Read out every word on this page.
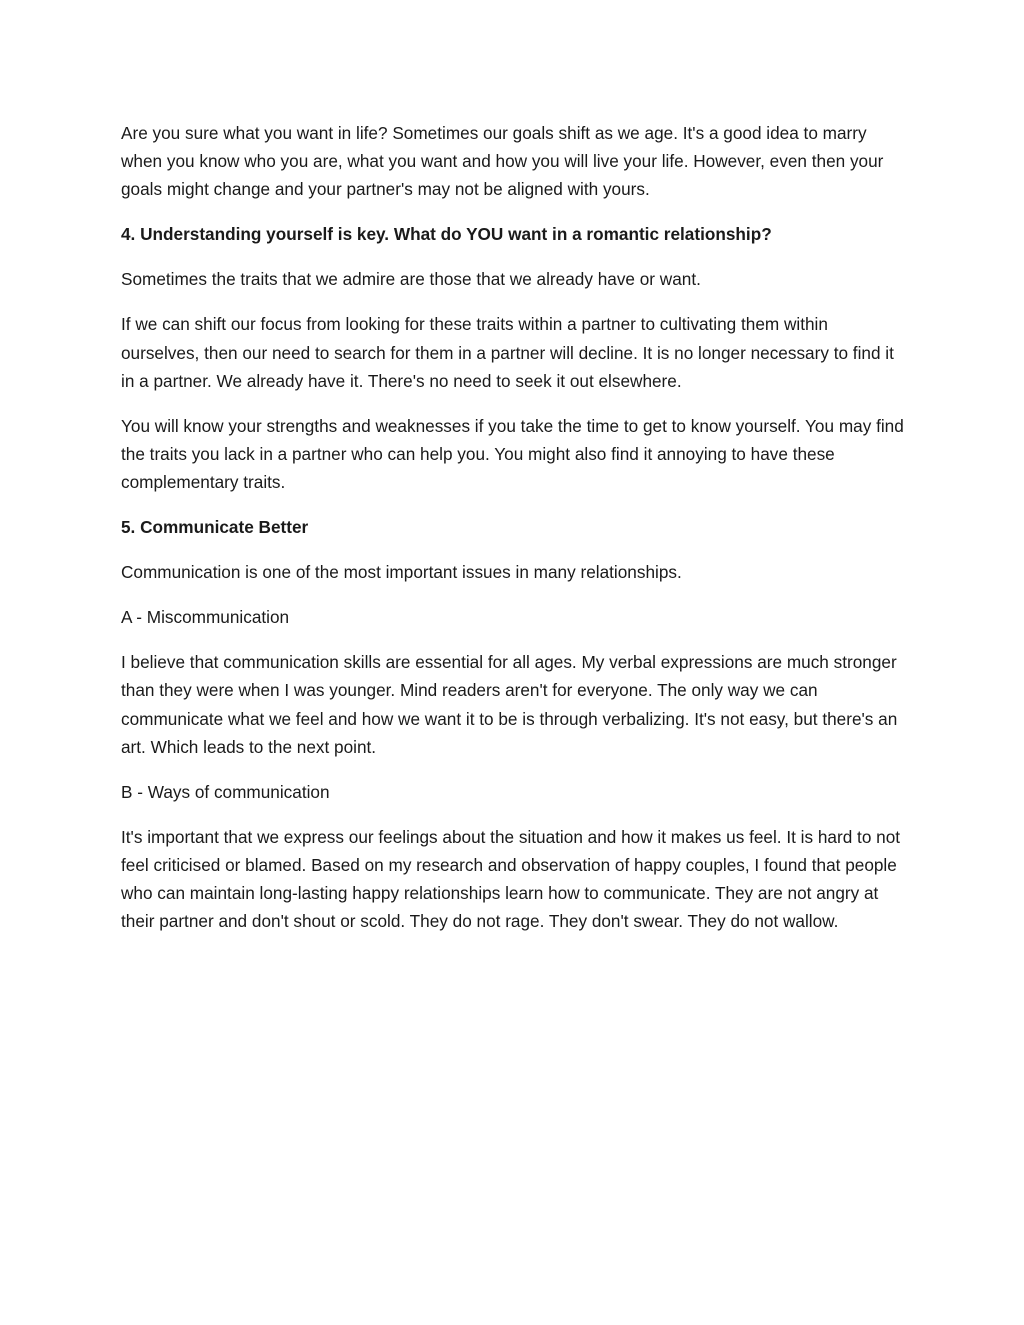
Are you sure what you want in life? Sometimes our goals shift as we age. It's a good idea to marry when you know who you are, what you want and how you will live your life. However, even then your goals might change and your partner's may not be aligned with yours.

4. Understanding yourself is key. What do YOU want in a romantic relationship?

Sometimes the traits that we admire are those that we already have or want.

If we can shift our focus from looking for these traits within a partner to cultivating them within ourselves, then our need to search for them in a partner will decline. It is no longer necessary to find it in a partner. We already have it. There's no need to seek it out elsewhere.

You will know your strengths and weaknesses if you take the time to get to know yourself. You may find the traits you lack in a partner who can help you. You might also find it annoying to have these complementary traits.

5. Communicate Better

Communication is one of the most important issues in many relationships.

A - Miscommunication

I believe that communication skills are essential for all ages. My verbal expressions are much stronger than they were when I was younger. Mind readers aren't for everyone. The only way we can communicate what we feel and how we want it to be is through verbalizing. It's not easy, but there's an art. Which leads to the next point.

B - Ways of communication

It's important that we express our feelings about the situation and how it makes us feel. It is hard to not feel criticised or blamed. Based on my research and observation of happy couples, I found that people who can maintain long-lasting happy relationships learn how to communicate. They are not angry at their partner and don't shout or scold. They do not rage. They don't swear. They do not wallow.
